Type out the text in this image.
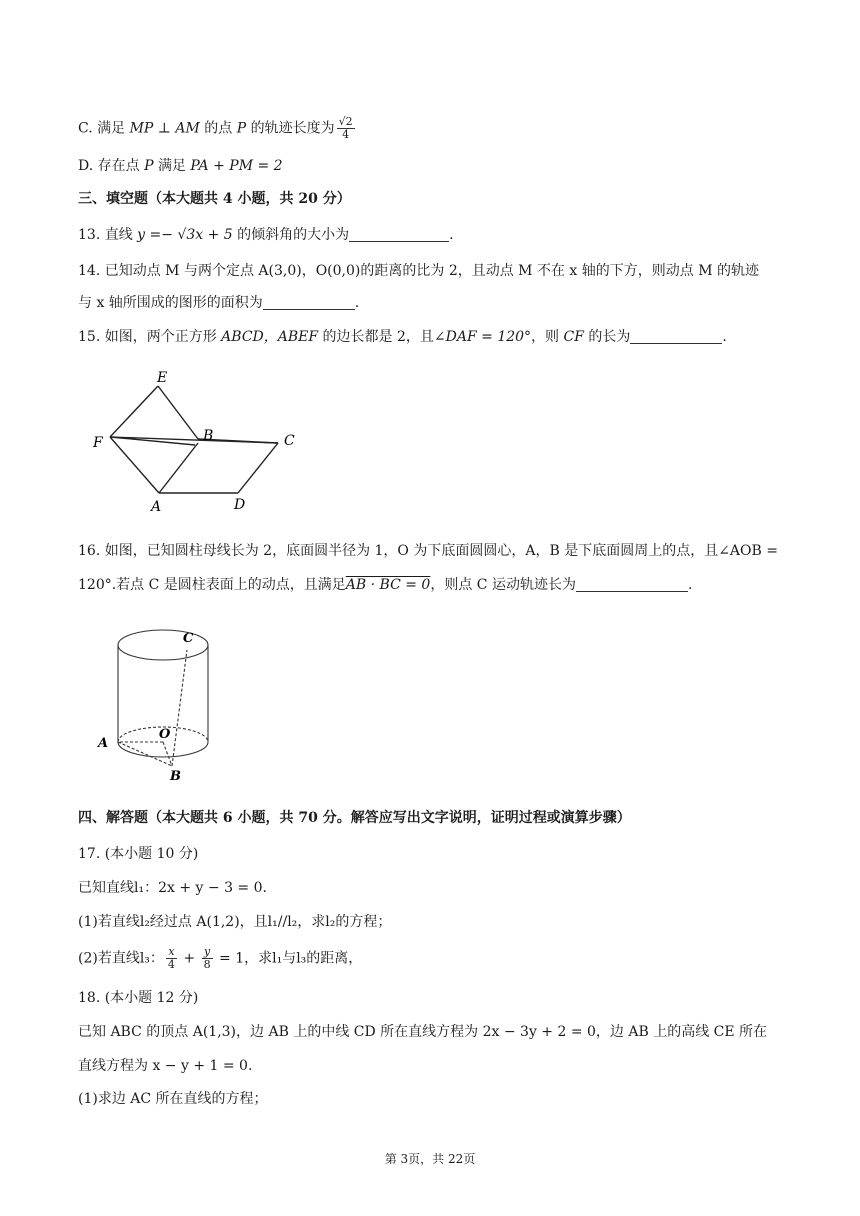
C. 满足 MP ⊥ AM 的点 P 的轨迹长度为 $\frac{√2}{4}$
D. 存在点 P 满足 PA + PM = 2
三、填空题（本大题共 4 小题，共 20 分）
13. 直线 y =− √3x + 5 的倾斜角的大小为	.
14. 已知动点 M 与两个定点 A(3,0)，O(0,0)的距离的比为 2，且动点 M 不在 x 轴的下方，则动点 M 的轨迹
与 x 轴所围成的图形的面积为	.
15. 如图，两个正方形 ABCD，ABEF 的边长都是 2，且∠DAF = 120°，则 CF 的长为	.
E
F	B	C
A	D
16. 如图，已知圆柱母线长为 2，底面圆半径为 1，O 为下底面圆圆心，A，B 是下底面圆周上的点，且∠AOB =
120°.若点 C 是圆柱表面上的动点，且满足AB · BC = 0，则点 C 运动轨迹长为	.
C
O
A
B
四、解答题（本大题共 6 小题，共 70 分。解答应写出文字说明，证明过程或演算步骤）
17. (本小题 10 分)
已知直线l₁：2x + y − 3 = 0.
(1)若直线l₂经过点 A(1,2)，且l₁//l₂，求l₂的方程；
(2)若直线l₃： $\frac{x}{4} + \frac{y}{8} = 1$，求l₁与l₃的距离，
18. (本小题 12 分)
已知 ABC 的顶点 A(1,3)，边 AB 上的中线 CD 所在直线方程为 2x − 3y + 2 = 0，边 AB 上的高线 CE 所在
直线方程为 x − y + 1 = 0.
(1)求边 AC 所在直线的方程；
第 3页，共 22页
